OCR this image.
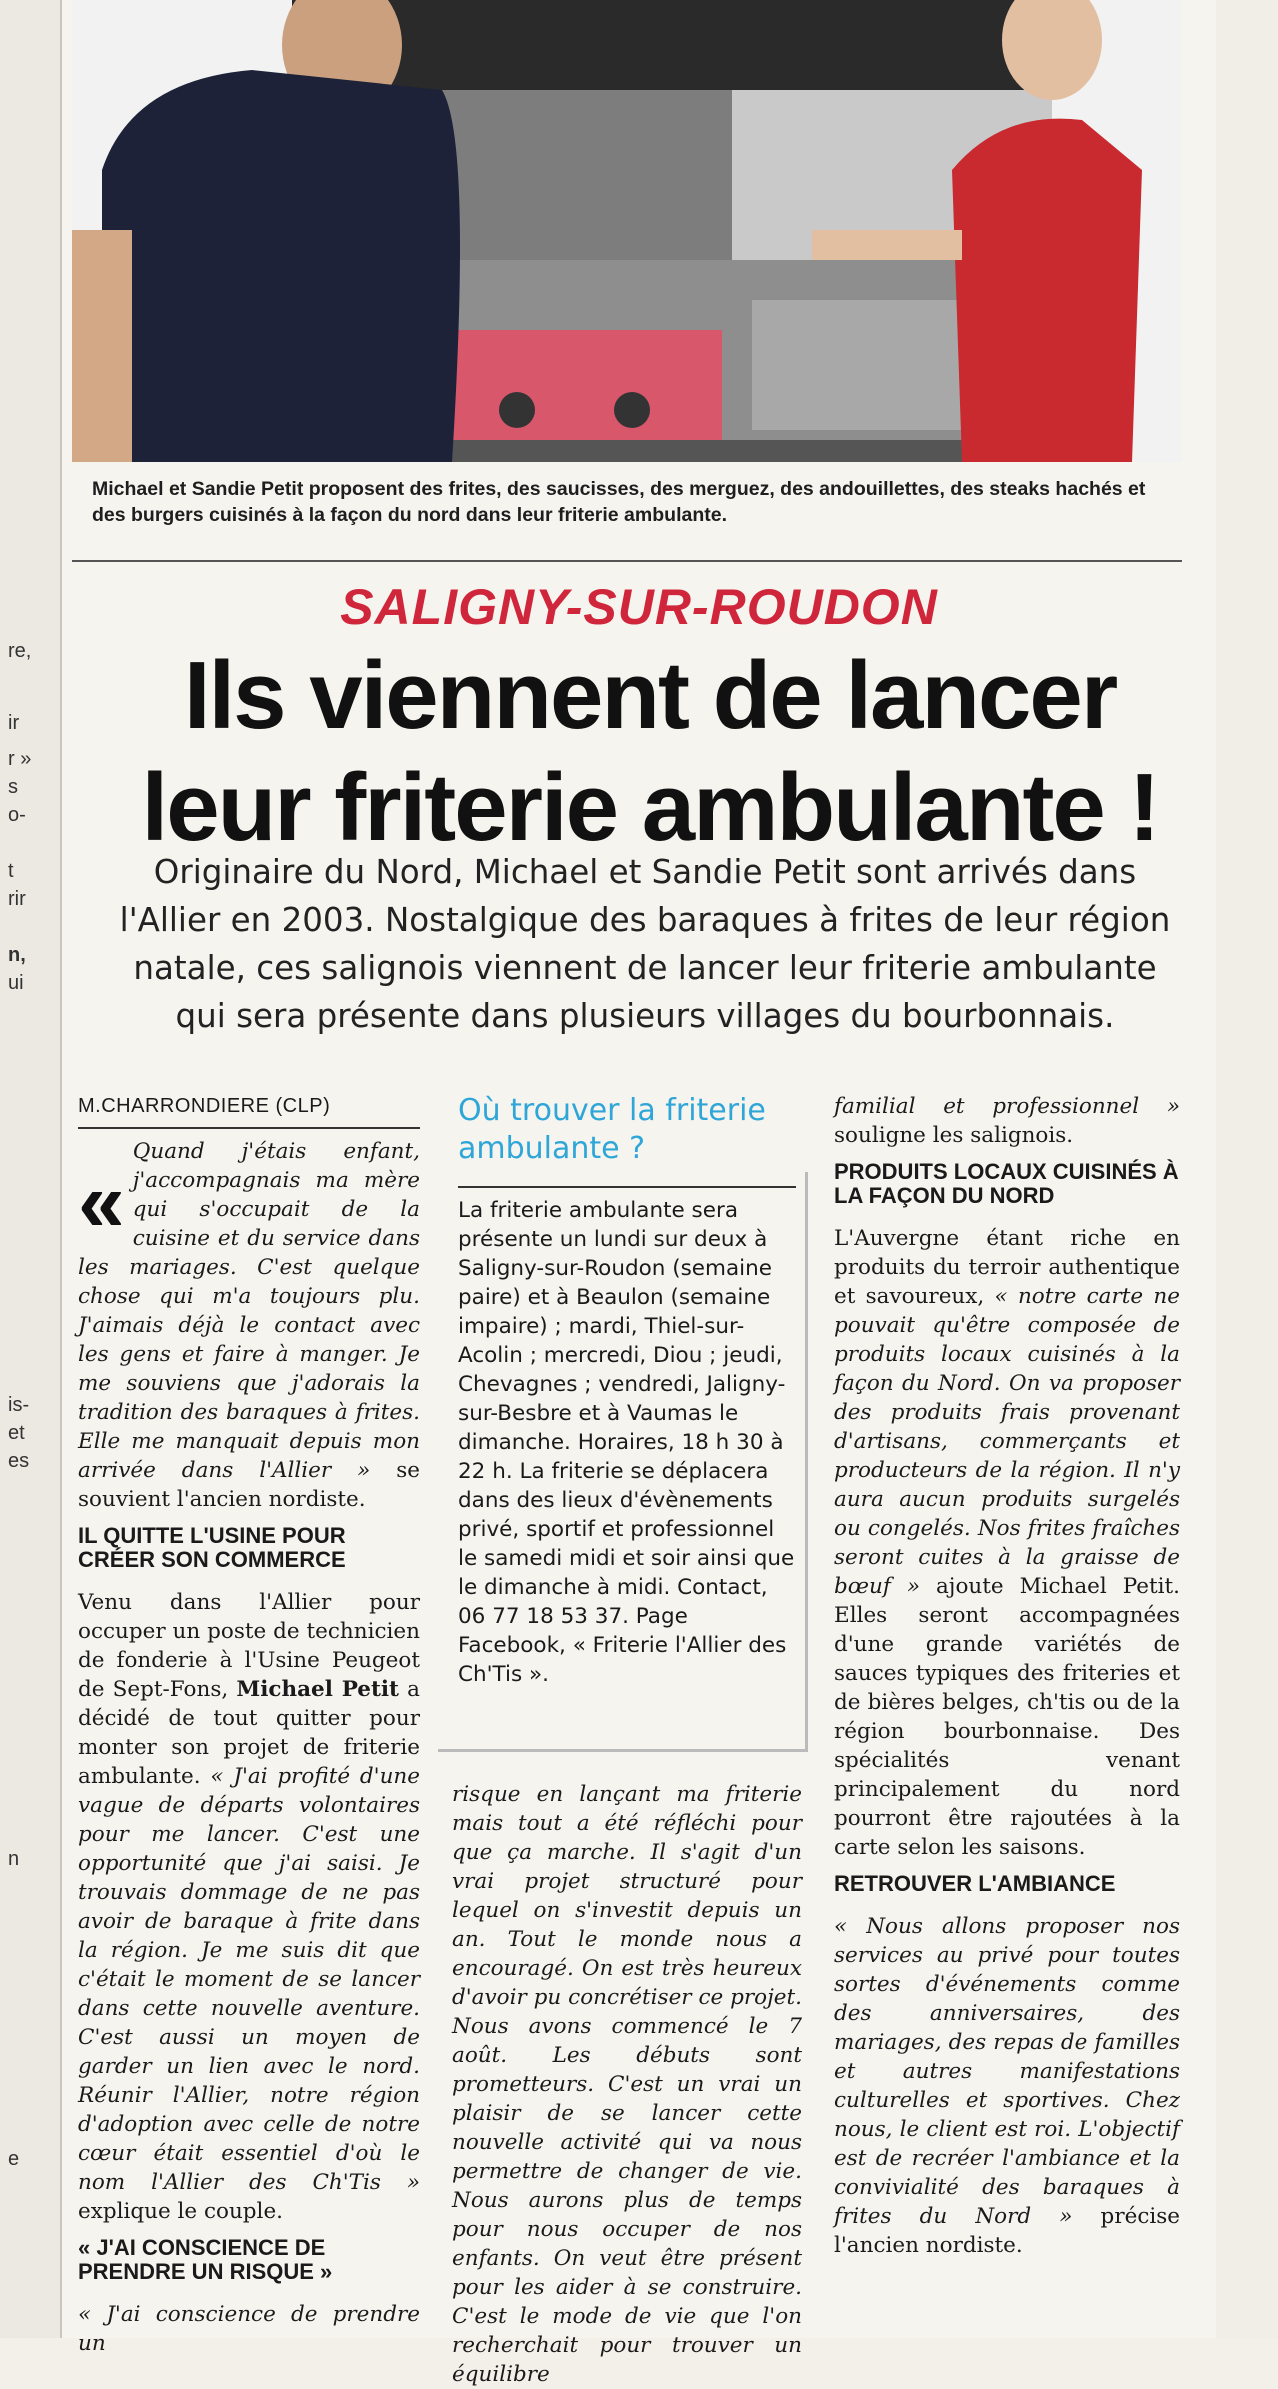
re,
ir
r »
s
o-
t
rir
n,
ui
is-
et
es
n
e
Michael et Sandie Petit proposent des frites, des saucisses, des merguez, des andouillettes, des steaks hachés et des burgers cuisinés à la façon du nord dans leur friterie ambulante.
SALIGNY-SUR-ROUDON
Ils viennent de lancer
leur friterie ambulante !
Originaire du Nord, Michael et Sandie Petit sont arrivés dans
l'Allier en 2003. Nostalgique des baraques à frites de leur région
natale, ces salignois viennent de lancer leur friterie ambulante
qui sera présente dans plusieurs villages du bourbonnais.
M.CHARRONDIERE (CLP)

«
Quand j'étais enfant, j'accompagnais ma mère qui s'occupait de la cuisine et du service dans les mariages. C'est quelque chose qui m'a toujours plu. J'aimais déjà le contact avec les gens et faire à manger. Je me souviens que j'adorais la tradition des baraques à frites. Elle me manquait depuis mon arrivée dans l'Allier » se souvient l'ancien nordiste.

IL QUITTE L'USINE POUR CRÉER SON COMMERCE

Venu dans l'Allier pour occuper un poste de technicien de fonderie à l'Usine Peugeot de Sept-Fons, Michael Petit a décidé de tout quitter pour monter son projet de friterie ambulante. « J'ai profité d'une vague de départs volontaires pour me lancer. C'est une opportunité que j'ai saisi. Je trouvais dommage de ne pas avoir de baraque à frite dans la région. Je me suis dit que c'était le moment de se lancer dans cette nouvelle aventure. C'est aussi un moyen de garder un lien avec le nord. Réunir l'Allier, notre région d'adoption avec celle de notre cœur était essentiel d'où le nom l'Allier des Ch'Tis » explique le couple.

« J'AI CONSCIENCE DE PRENDRE UN RISQUE »

« J'ai conscience de prendre un

Où trouver la friterie ambulante ?
La friterie ambulante sera présente un lundi sur deux à Saligny-sur-Roudon (semaine paire) et à Beaulon (semaine impaire) ; mardi, Thiel-sur-Acolin ; mercredi, Diou ; jeudi, Chevagnes ; vendredi, Jaligny-sur-Besbre et à Vaumas le dimanche. Horaires, 18 h 30 à 22 h. La friterie se déplacera dans des lieux d'évènements privé, sportif et professionnel le samedi midi et soir ainsi que le dimanche à midi. Contact, 06 77 18 53 37. Page Facebook, « Friterie l'Allier des Ch'Tis ».

risque en lançant ma friterie mais tout a été réfléchi pour que ça marche. Il s'agit d'un vrai projet structuré pour lequel on s'investit depuis un an. Tout le monde nous a encouragé. On est très heureux d'avoir pu concrétiser ce projet. Nous avons commencé le 7 août. Les débuts sont prometteurs. C'est un vrai un plaisir de se lancer cette nouvelle activité qui va nous permettre de changer de vie. Nous aurons plus de temps pour nous occuper de nos enfants. On veut être présent pour les aider à se construire. C'est le mode de vie que l'on recherchait pour trouver un équilibre

familial et professionnel » souligne les salignois.

PRODUITS LOCAUX CUISINÉS À LA FAÇON DU NORD

L'Auvergne étant riche en produits du terroir authentique et savoureux, « notre carte ne pouvait qu'être composée de produits locaux cuisinés à la façon du Nord. On va proposer des produits frais provenant d'artisans, commerçants et producteurs de la région. Il n'y aura aucun produits surgelés ou congelés. Nos frites fraîches seront cuites à la graisse de bœuf » ajoute Michael Petit. Elles seront accompagnées d'une grande variétés de sauces typiques des friteries et de bières belges, ch'tis ou de la région bourbonnaise. Des spécialités venant principalement du nord pourront être rajoutées à la carte selon les saisons.

RETROUVER L'AMBIANCE

« Nous allons proposer nos services au privé pour toutes sortes d'événements comme des anniversaires, des mariages, des repas de familles et autres manifestations culturelles et sportives. Chez nous, le client est roi. L'objectif est de recréer l'ambiance et la convivialité des baraques à frites du Nord » précise l'ancien nordiste.
